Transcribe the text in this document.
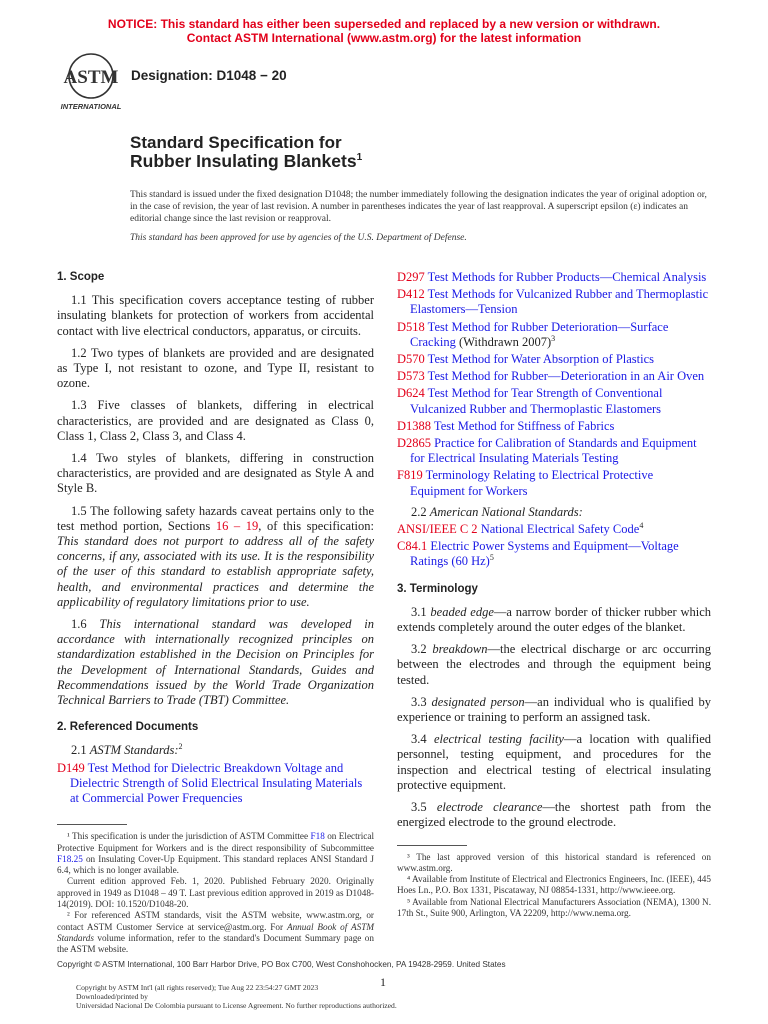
NOTICE: This standard has either been superseded and replaced by a new version or withdrawn.
Contact ASTM International (www.astm.org) for the latest information
ASTM
INTERNATIONAL
Designation: D1048 − 20
Standard Specification for
Rubber Insulating Blankets$^1$
This standard is issued under the fixed designation D1048; the number immediately following the designation indicates the year of original adoption or, in the case of revision, the year of last revision. A number in parentheses indicates the year of last reapproval. A superscript epsilon (ε) indicates an editorial change since the last revision or reapproval.
This standard has been approved for use by agencies of the U.S. Department of Defense.
1. Scope
1.1 This specification covers acceptance testing of rubber insulating blankets for protection of workers from accidental contact with live electrical conductors, apparatus, or circuits.
1.2 Two types of blankets are provided and are designated as Type I, not resistant to ozone, and Type II, resistant to ozone.
1.3 Five classes of blankets, differing in electrical characteristics, are provided and are designated as Class 0, Class 1, Class 2, Class 3, and Class 4.
1.4 Two styles of blankets, differing in construction characteristics, are provided and are designated as Style A and Style B.
1.5 The following safety hazards caveat pertains only to the test method portion, Sections 16 – 19, of this specification: This standard does not purport to address all of the safety concerns, if any, associated with its use. It is the responsibility of the user of this standard to establish appropriate safety, health, and environmental practices and determine the applicability of regulatory limitations prior to use.
1.6 This international standard was developed in accordance with internationally recognized principles on standardization established in the Decision on Principles for the Development of International Standards, Guides and Recommendations issued by the World Trade Organization Technical Barriers to Trade (TBT) Committee.
2. Referenced Documents
2.1 ASTM Standards:$^2$
D149 Test Method for Dielectric Breakdown Voltage and Dielectric Strength of Solid Electrical Insulating Materials at Commercial Power Frequencies
¹ This specification is under the jurisdiction of ASTM Committee F18 on Electrical Protective Equipment for Workers and is the direct responsibility of Subcommittee F18.25 on Insulating Cover-Up Equipment. This standard replaces ANSI Standard J 6.4, which is no longer available.
Current edition approved Feb. 1, 2020. Published February 2020. Originally approved in 1949 as D1048 – 49 T. Last previous edition approved in 2019 as D1048-14(2019). DOI: 10.1520/D1048-20.
² For referenced ASTM standards, visit the ASTM website, www.astm.org, or contact ASTM Customer Service at service@astm.org. For Annual Book of ASTM Standards volume information, refer to the standard's Document Summary page on the ASTM website.
D297 Test Methods for Rubber Products—Chemical Analysis
D412 Test Methods for Vulcanized Rubber and Thermoplastic Elastomers—Tension
D518 Test Method for Rubber Deterioration—Surface Cracking (Withdrawn 2007)$^3$
D570 Test Method for Water Absorption of Plastics
D573 Test Method for Rubber—Deterioration in an Air Oven
D624 Test Method for Tear Strength of Conventional Vulcanized Rubber and Thermoplastic Elastomers
D1388 Test Method for Stiffness of Fabrics
D2865 Practice for Calibration of Standards and Equipment for Electrical Insulating Materials Testing
F819 Terminology Relating to Electrical Protective Equipment for Workers
2.2 American National Standards:
ANSI/IEEE C 2 National Electrical Safety Code$^4$
C84.1 Electric Power Systems and Equipment—Voltage Ratings (60 Hz)$^5$
3. Terminology
3.1 beaded edge—a narrow border of thicker rubber which extends completely around the outer edges of the blanket.
3.2 breakdown—the electrical discharge or arc occurring between the electrodes and through the equipment being tested.
3.3 designated person—an individual who is qualified by experience or training to perform an assigned task.
3.4 electrical testing facility—a location with qualified personnel, testing equipment, and procedures for the inspection and electrical testing of electrical insulating protective equipment.
3.5 electrode clearance—the shortest path from the energized electrode to the ground electrode.
³ The last approved version of this historical standard is referenced on www.astm.org.
⁴ Available from Institute of Electrical and Electronics Engineers, Inc. (IEEE), 445 Hoes Ln., P.O. Box 1331, Piscataway, NJ 08854-1331, http://www.ieee.org.
⁵ Available from National Electrical Manufacturers Association (NEMA), 1300 N. 17th St., Suite 900, Arlington, VA 22209, http://www.nema.org.
Copyright © ASTM International, 100 Barr Harbor Drive, PO Box C700, West Conshohocken, PA 19428-2959. United States
1
Copyright by ASTM Int'l (all rights reserved); Tue Aug 22 23:54:27 GMT 2023
Downloaded/printed by
Universidad Nacional De Colombia pursuant to License Agreement. No further reproductions authorized.
